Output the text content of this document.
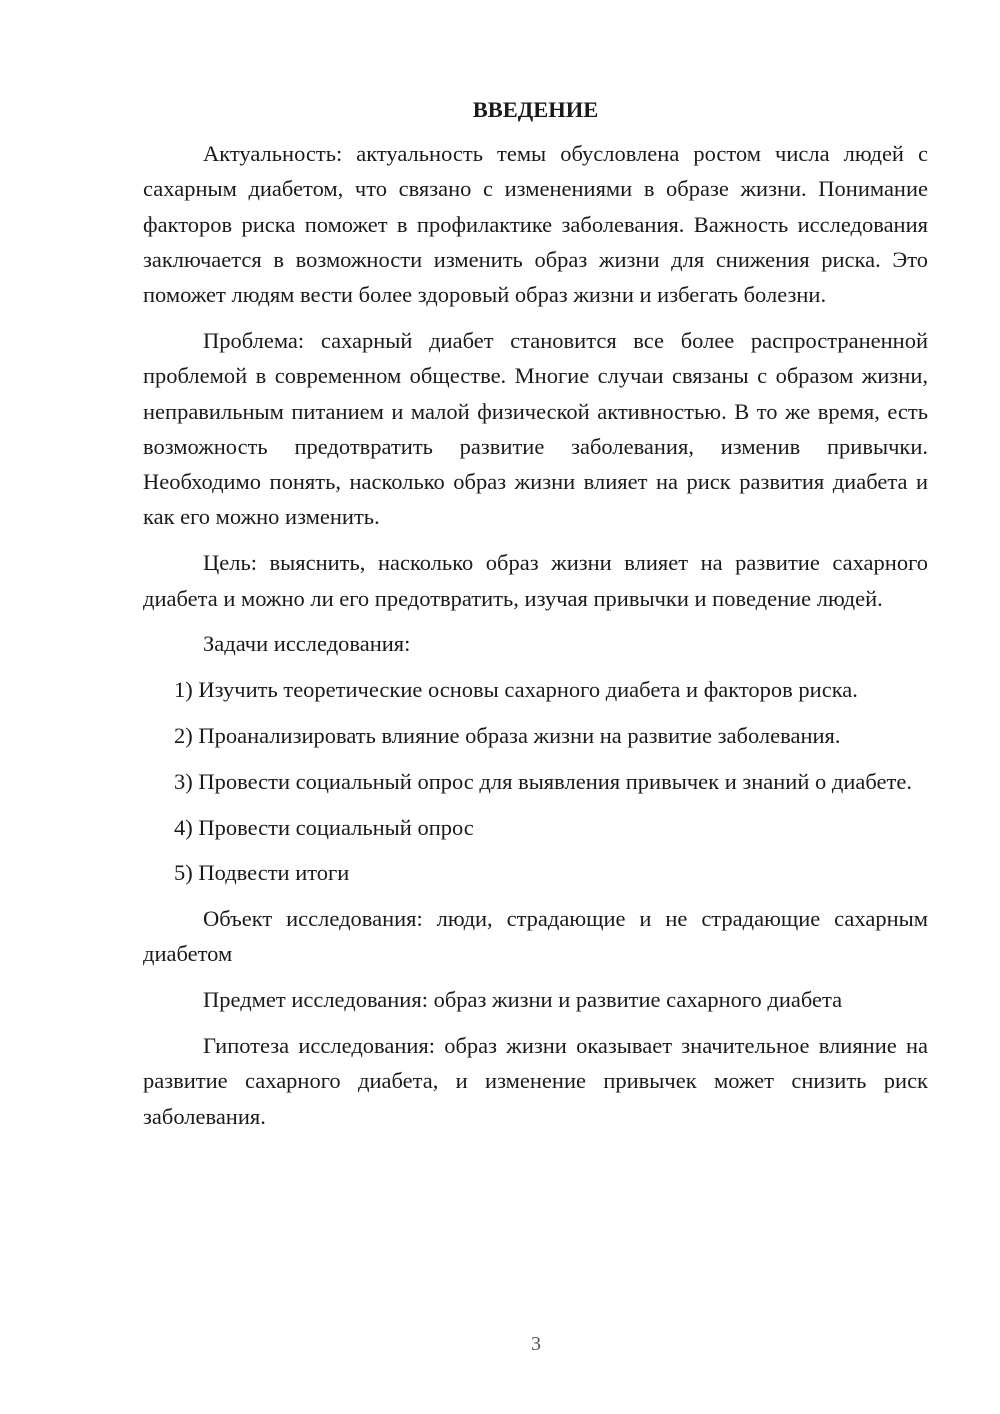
ВВЕДЕНИЕ

Актуальность: актуальность темы обусловлена ростом числа людей с сахарным диабетом, что связано с изменениями в образе жизни. Понимание факторов риска поможет в профилактике заболевания. Важность исследования заключается в возможности изменить образ жизни для снижения риска. Это поможет людям вести более здоровый образ жизни и избегать болезни.

Проблема: сахарный диабет становится все более распространенной проблемой в современном обществе. Многие случаи связаны с образом жизни, неправильным питанием и малой физической активностью. В то же время, есть возможность предотвратить развитие заболевания, изменив привычки. Необходимо понять, насколько образ жизни влияет на риск развития диабета и как его можно изменить.

Цель: выяснить, насколько образ жизни влияет на развитие сахарного диабета и можно ли его предотвратить, изучая привычки и поведение людей.

Задачи исследования:

1) Изучить теоретические основы сахарного диабета и факторов риска.

2) Проанализировать влияние образа жизни на развитие заболевания.

3) Провести социальный опрос для выявления привычек и знаний о диабете.

4) Провести социальный опрос

5) Подвести итоги

Объект исследования: люди, страдающие и не страдающие сахарным диабетом

Предмет исследования: образ жизни и развитие сахарного диабета

Гипотеза исследования: образ жизни оказывает значительное влияние на развитие сахарного диабета, и изменение привычек может снизить риск заболевания.

3
